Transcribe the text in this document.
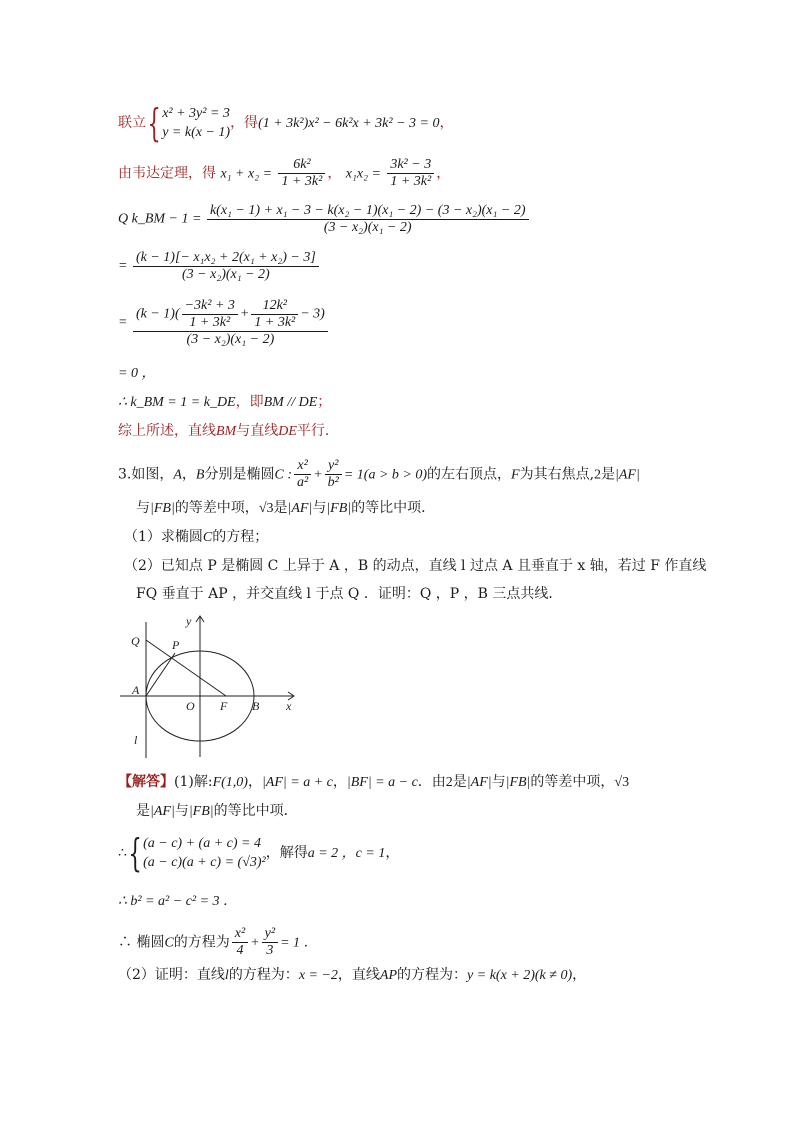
联立{x² + 3y² = 3
y = k(x − 1)，得(1 + 3k²)x² − 6k²x + 3k² − 3 = 0，
由韦达定理，得 $x_1 + x_2 = \frac{\text{6k²}}{\text{1 + 3k²}}$ ， $x_1x_2 = \frac{\text{3k² − 3}}{\text{1 + 3k²}}$ ，
Q k_BM − $1 = \frac{\text{k(x₁ − 1) + x₁ − 3 − k(x₂ − 1)(x₁ − 2) − (3 − x₂)(x₁ − 2)}}{\text{(3 − x₂)(x₁ − 2)}}$
= $\frac{\text{(k − 1)[− x₁x₂ + 2(x₁ + x₂) − 3]}}{\text{(3 − x₂)(x₁ − 2)}}$
= $\frac{(k - 1)( \frac{\text{−3k² + 3}}{\text{1 + 3k²}} + \frac{\text{12k²}}{\text{1 + 3k²}} - 3)}{\text{(3 − x₂)(x₁ − 2)}}$
= 0 ，
∴ k_BM = 1 = k_DE，即BM // DE；
综上所述，直线BM与直线DE平行．
3.如图，A，B分别是椭圆C : $\frac{\text{x²}}{\text{a²}} + \frac{\text{y²}}{\text{b²}} = 1(a > b > 0)$的左右顶点，F为其右焦点,2是|AF|
与|FB|的等差中项，√3是|AF|与|FB|的等比中项．
（1）求椭圆C的方程；
（2）已知点 P 是椭圆 C 上异于 A ，B 的动点，直线 l 过点 A 且垂直于 x 轴，若过 F 作直线
FQ 垂直于 AP ，并交直线 l 于点 Q ．证明：Q ，P ，B 三点共线．
y
x
Q	P
A
O F B
l
【解答】(1)解:F(1,0)，|AF| = a + c，|BF| = a − c．由2是|AF|与|FB|的等差中项，√3
是|AF|与|FB|的等比中项．
∴{(a − c) + (a + c) = 4
(a − c)(a + c) = (√3)²，解得a = 2 ，c = 1，
∴ b² = a² − c² = 3 ．
∴ 椭圆C的方程为 $\frac{\text{x²}}{4} + \frac{\text{y²}}{3} = 1$ ．
（2）证明：直线l的方程为：x = −2，直线AP的方程为：y = k(x + 2)(k ≠ 0)，
